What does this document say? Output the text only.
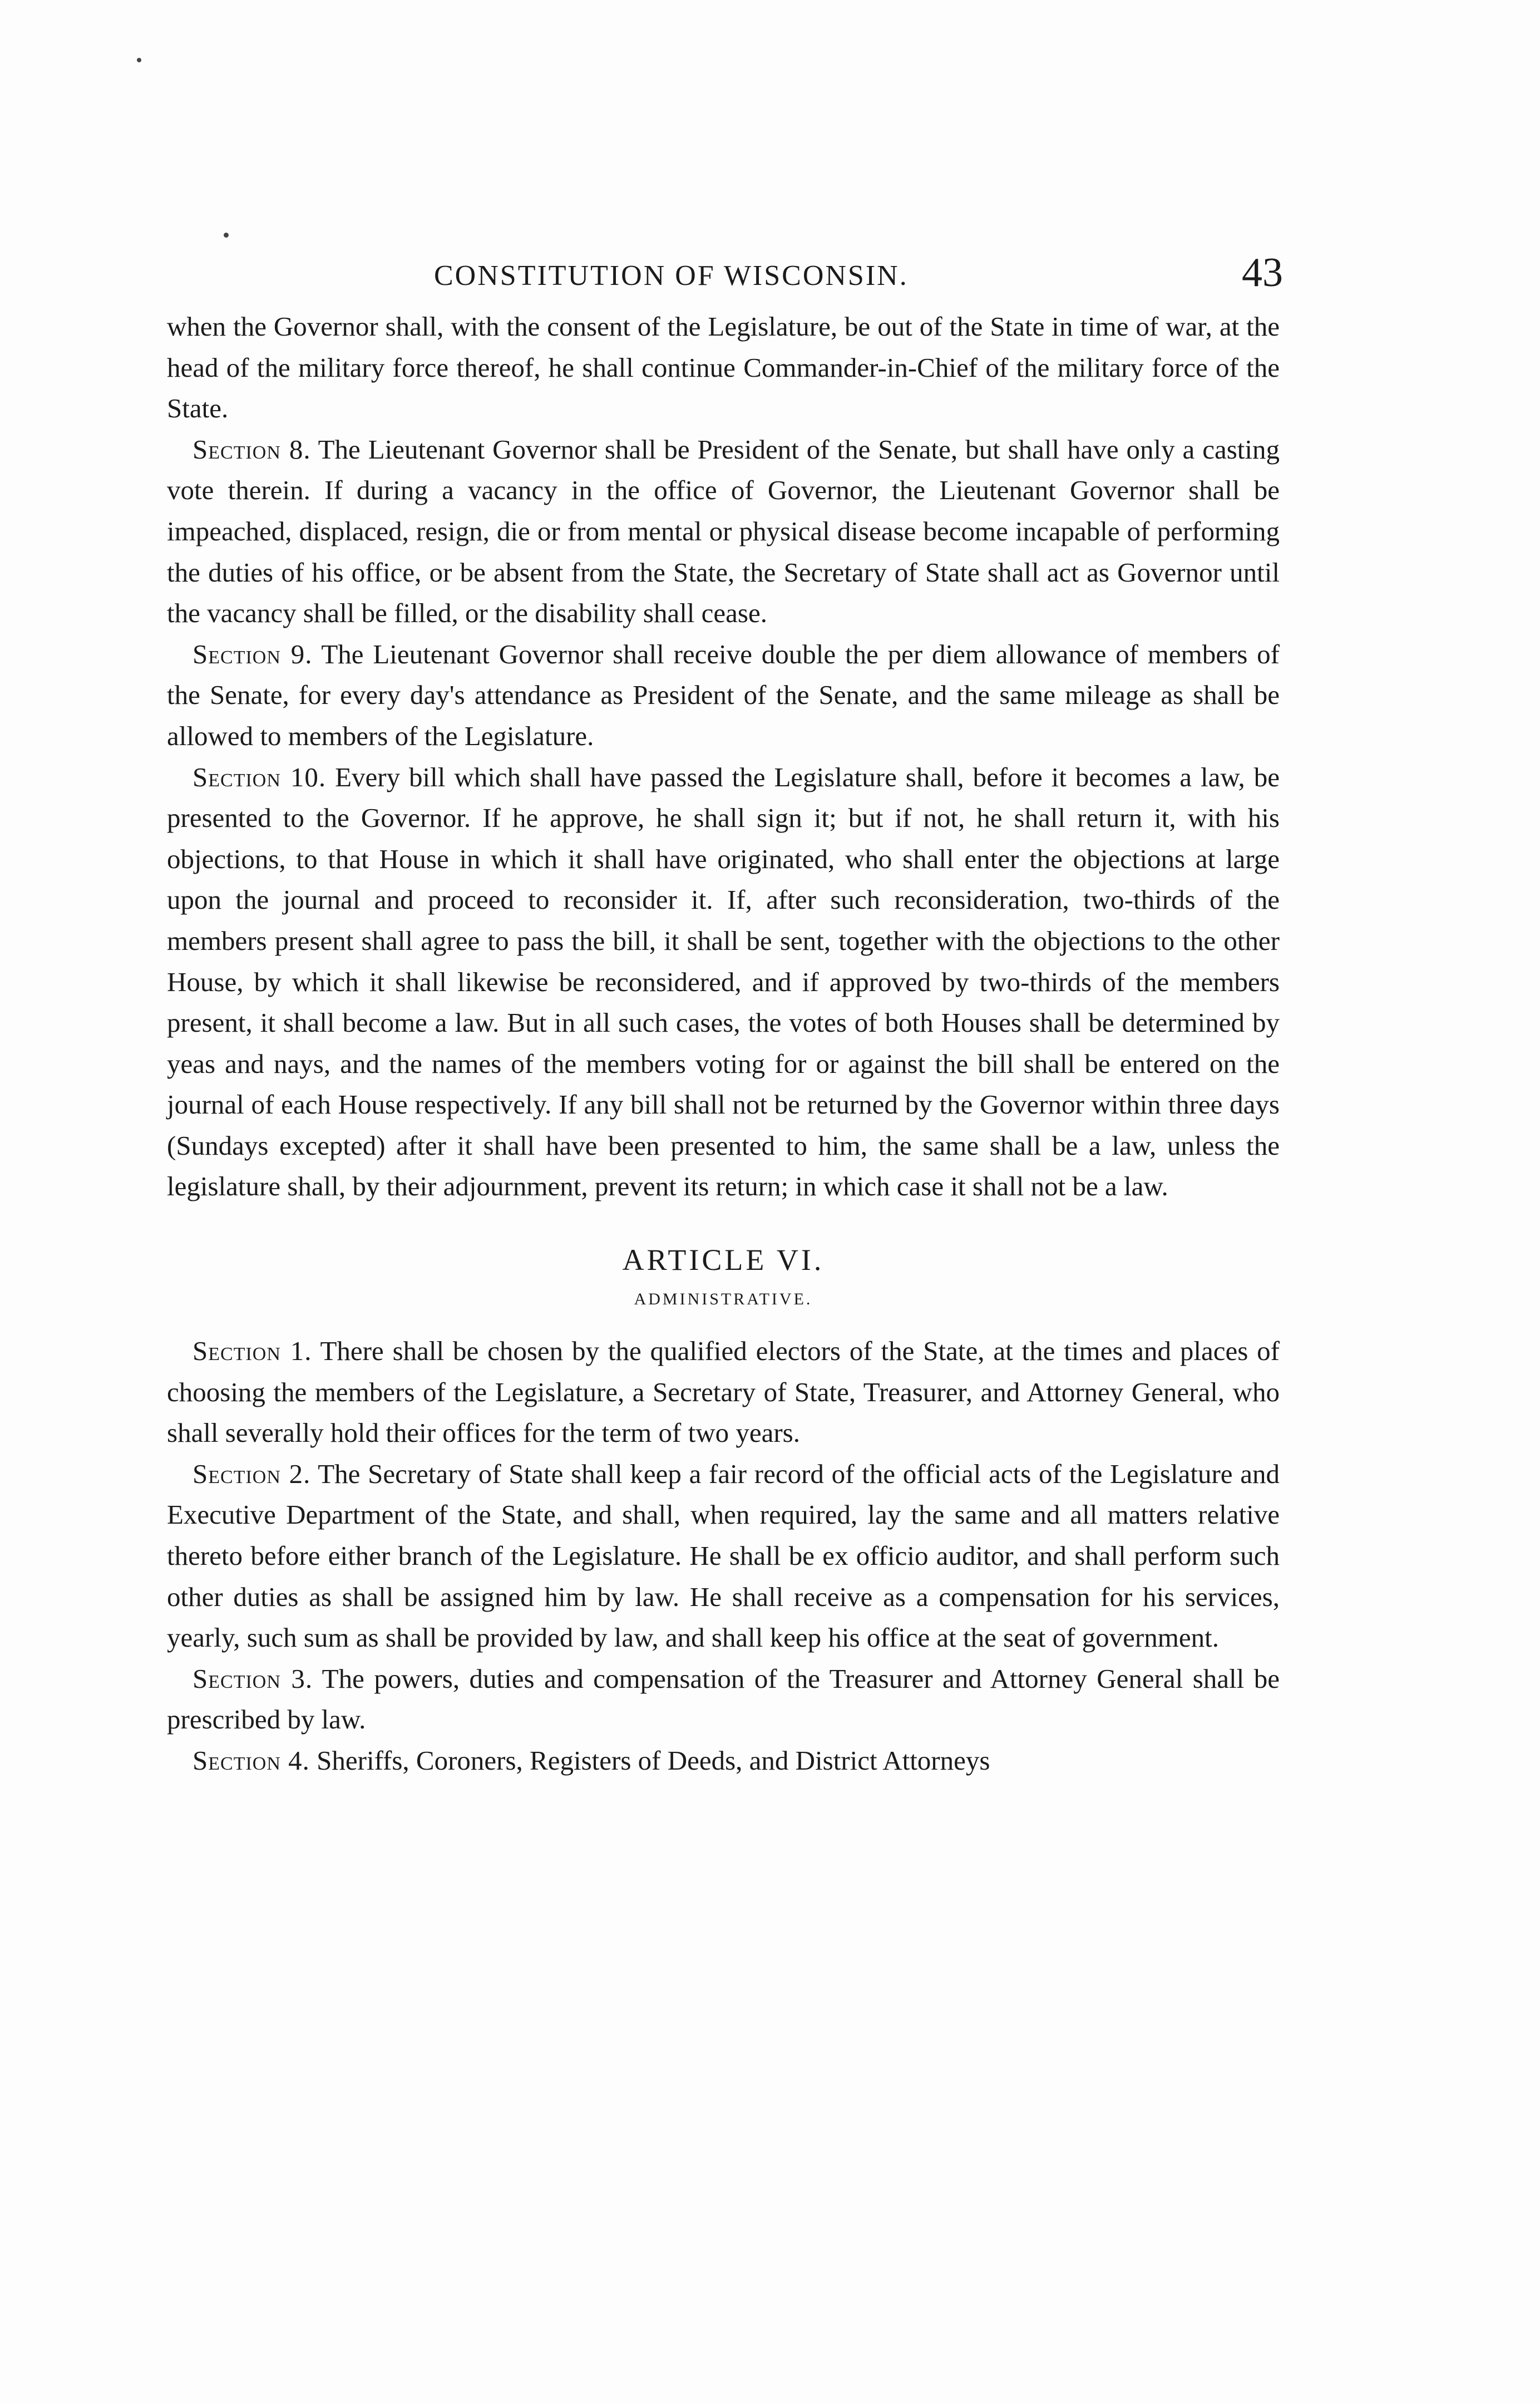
CONSTITUTION OF WISCONSIN.	43

when the Governor shall, with the consent of the Legislature, be out of the State in time of war, at the head of the military force thereof, he shall continue Commander-in-Chief of the military force of the State.

Section 8. The Lieutenant Governor shall be President of the Senate, but shall have only a casting vote therein. If during a vacancy in the office of Governor, the Lieutenant Governor shall be impeached, displaced, resign, die or from mental or physical disease become incapable of performing the duties of his office, or be absent from the State, the Secretary of State shall act as Governor until the vacancy shall be filled, or the disability shall cease.

Section 9. The Lieutenant Governor shall receive double the per diem allowance of members of the Senate, for every day's attendance as President of the Senate, and the same mileage as shall be allowed to members of the Legislature.

Section 10. Every bill which shall have passed the Legislature shall, before it becomes a law, be presented to the Governor. If he approve, he shall sign it; but if not, he shall return it, with his objections, to that House in which it shall have originated, who shall enter the objections at large upon the journal and proceed to reconsider it. If, after such reconsideration, two-thirds of the members present shall agree to pass the bill, it shall be sent, together with the objections to the other House, by which it shall likewise be reconsidered, and if approved by two-thirds of the members present, it shall become a law. But in all such cases, the votes of both Houses shall be determined by yeas and nays, and the names of the members voting for or against the bill shall be entered on the journal of each House respectively. If any bill shall not be returned by the Governor within three days (Sundays excepted) after it shall have been presented to him, the same shall be a law, unless the legislature shall, by their adjournment, prevent its return; in which case it shall not be a law.

ARTICLE VI.
ADMINISTRATIVE.

Section 1. There shall be chosen by the qualified electors of the State, at the times and places of choosing the members of the Legislature, a Secretary of State, Treasurer, and Attorney General, who shall severally hold their offices for the term of two years.

Section 2. The Secretary of State shall keep a fair record of the official acts of the Legislature and Executive Department of the State, and shall, when required, lay the same and all matters relative thereto before either branch of the Legislature. He shall be ex officio auditor, and shall perform such other duties as shall be assigned him by law. He shall receive as a compensation for his services, yearly, such sum as shall be provided by law, and shall keep his office at the seat of government.

Section 3. The powers, duties and compensation of the Treasurer and Attorney General shall be prescribed by law.

Section 4. Sheriffs, Coroners, Registers of Deeds, and District Attorneys
